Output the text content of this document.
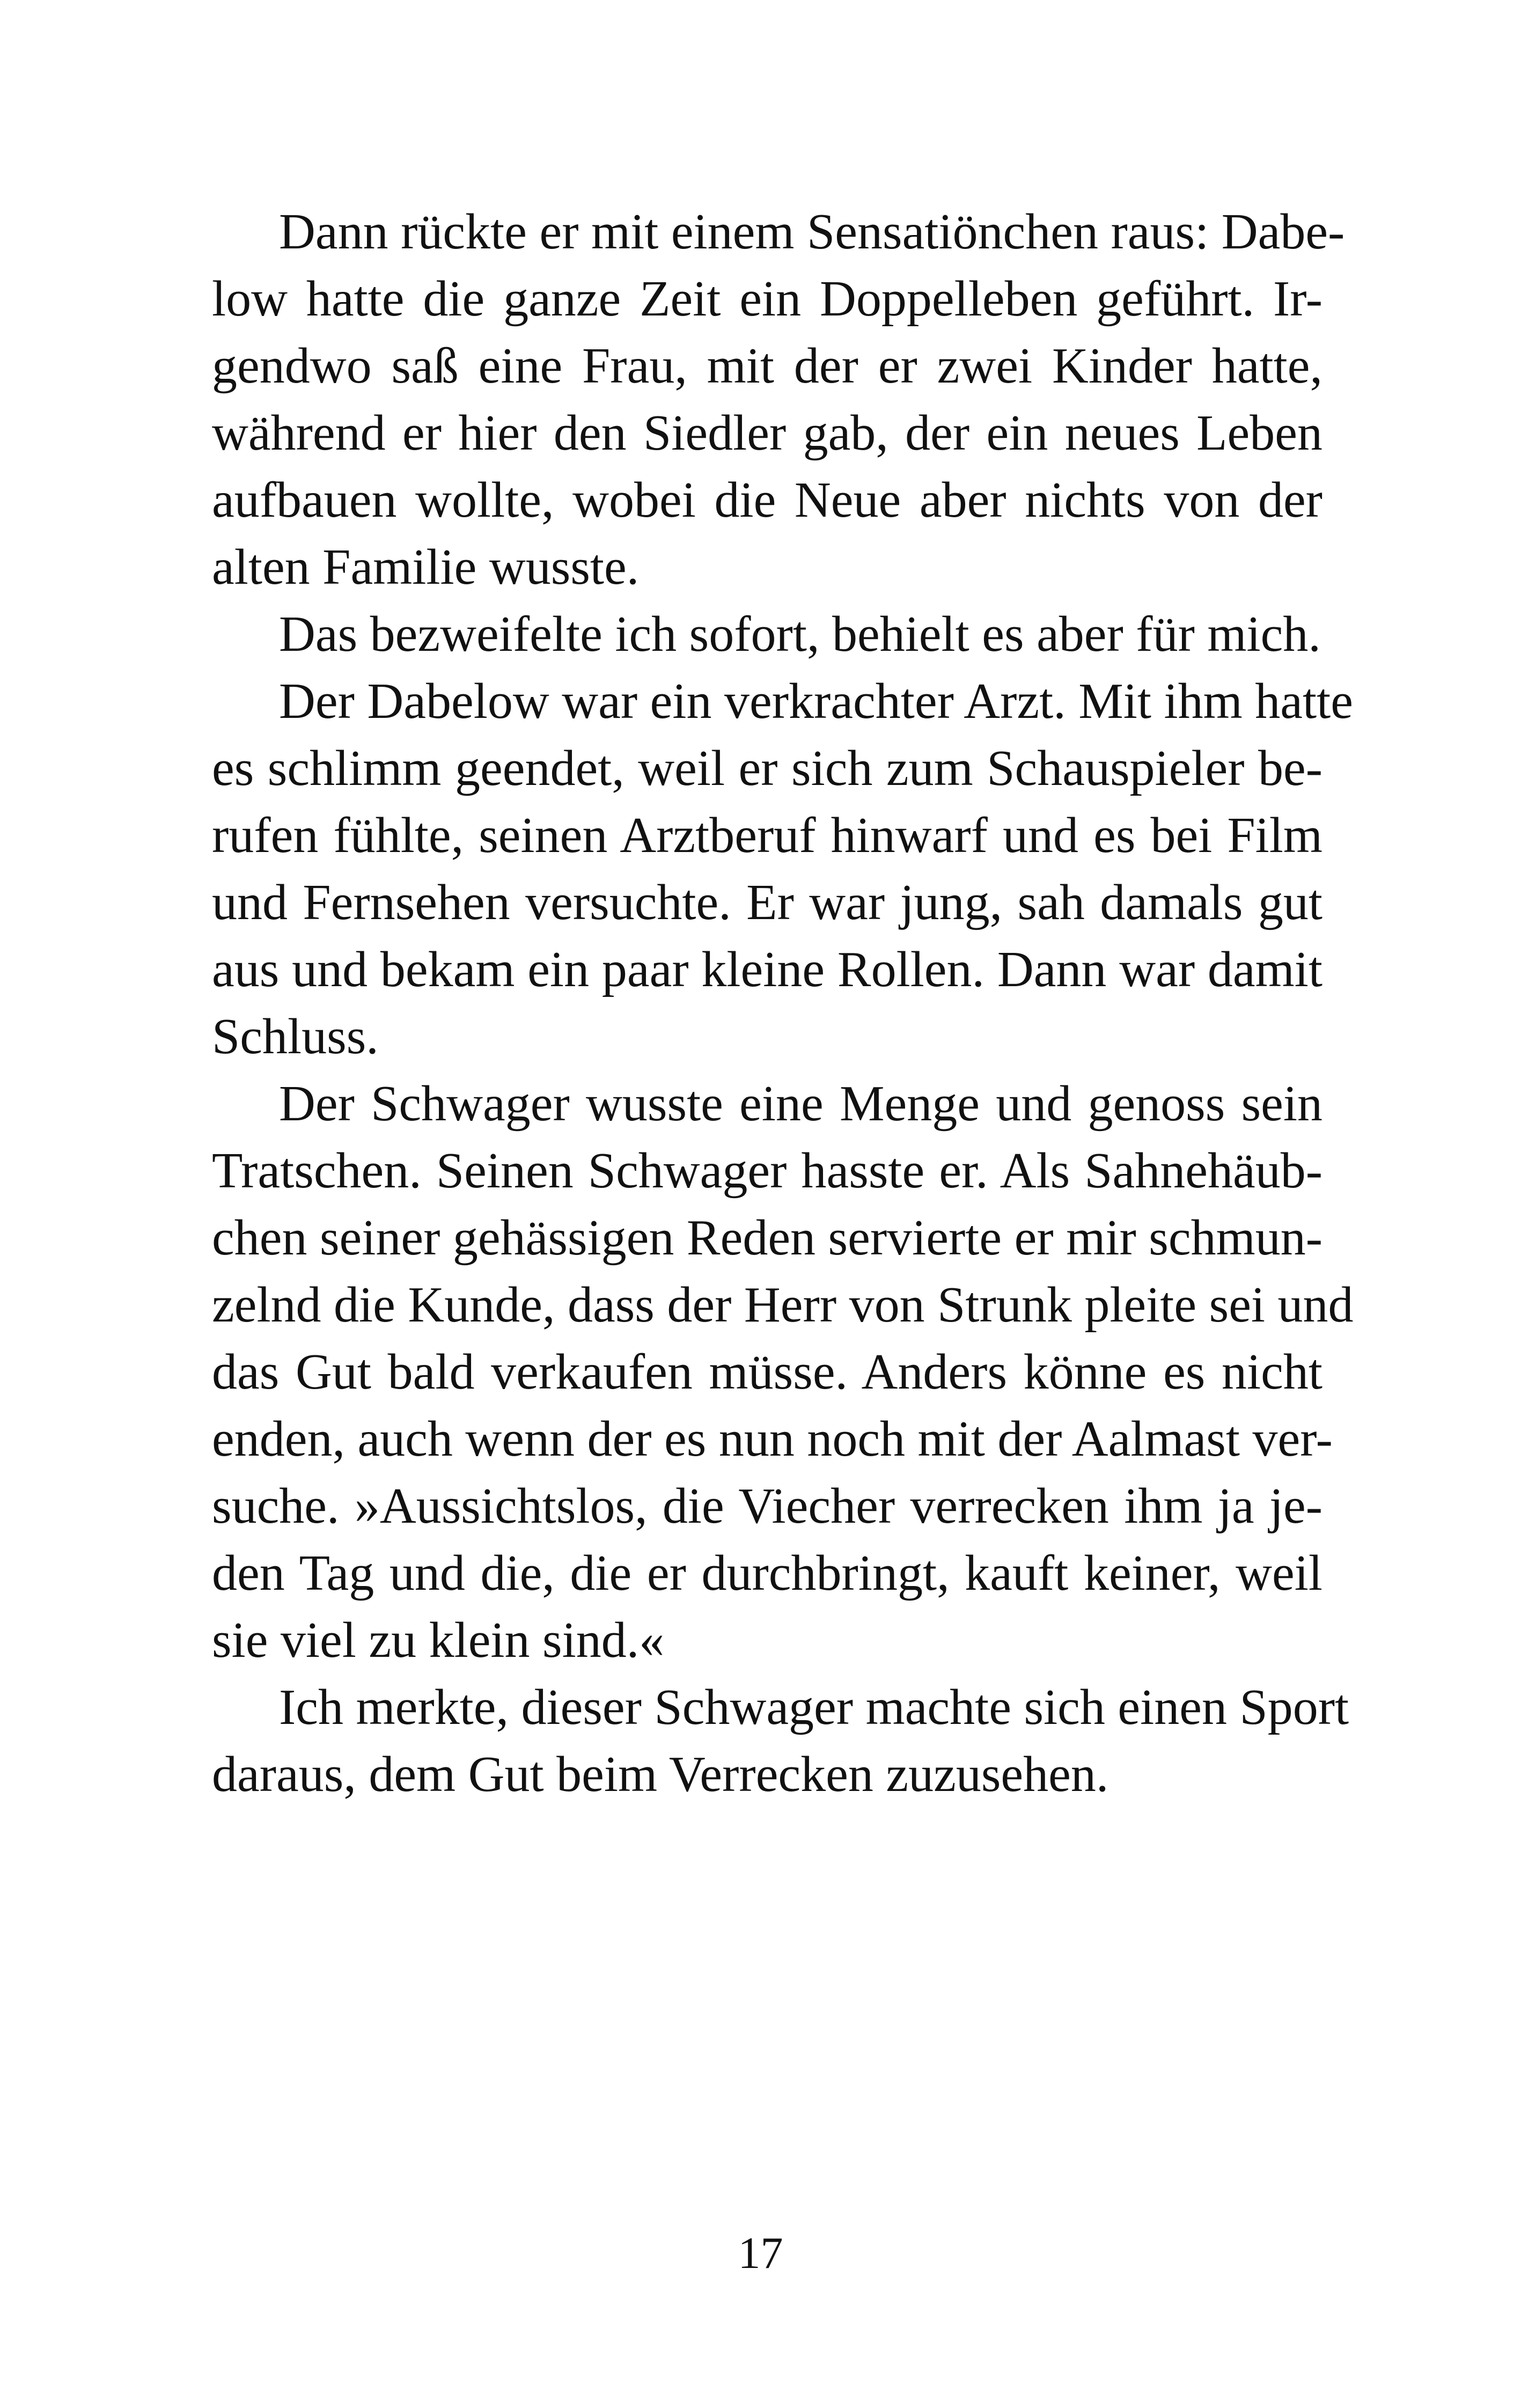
Dann rückte er mit einem Sensatiönchen raus: Dabe-
low hatte die ganze Zeit ein Doppelleben geführt. Ir-
gendwo saß eine Frau, mit der er zwei Kinder hatte,
während er hier den Siedler gab, der ein neues Leben
aufbauen wollte, wobei die Neue aber nichts von der
alten Familie wusste.
Das bezweifelte ich sofort, behielt es aber für mich.
Der Dabelow war ein verkrachter Arzt. Mit ihm hatte
es schlimm geendet, weil er sich zum Schauspieler be-
rufen fühlte, seinen Arztberuf hinwarf und es bei Film
und Fernsehen versuchte. Er war jung, sah damals gut
aus und bekam ein paar kleine Rollen. Dann war damit
Schluss.
Der Schwager wusste eine Menge und genoss sein
Tratschen. Seinen Schwager hasste er. Als Sahnehäub-
chen seiner gehässigen Reden servierte er mir schmun-
zelnd die Kunde, dass der Herr von Strunk pleite sei und
das Gut bald verkaufen müsse. Anders könne es nicht
enden, auch wenn der es nun noch mit der Aalmast ver-
suche. »Aussichtslos, die Viecher verrecken ihm ja je-
den Tag und die, die er durchbringt, kauft keiner, weil
sie viel zu klein sind.«
Ich merkte, dieser Schwager machte sich einen Sport
daraus, dem Gut beim Verrecken zuzusehen.
17
